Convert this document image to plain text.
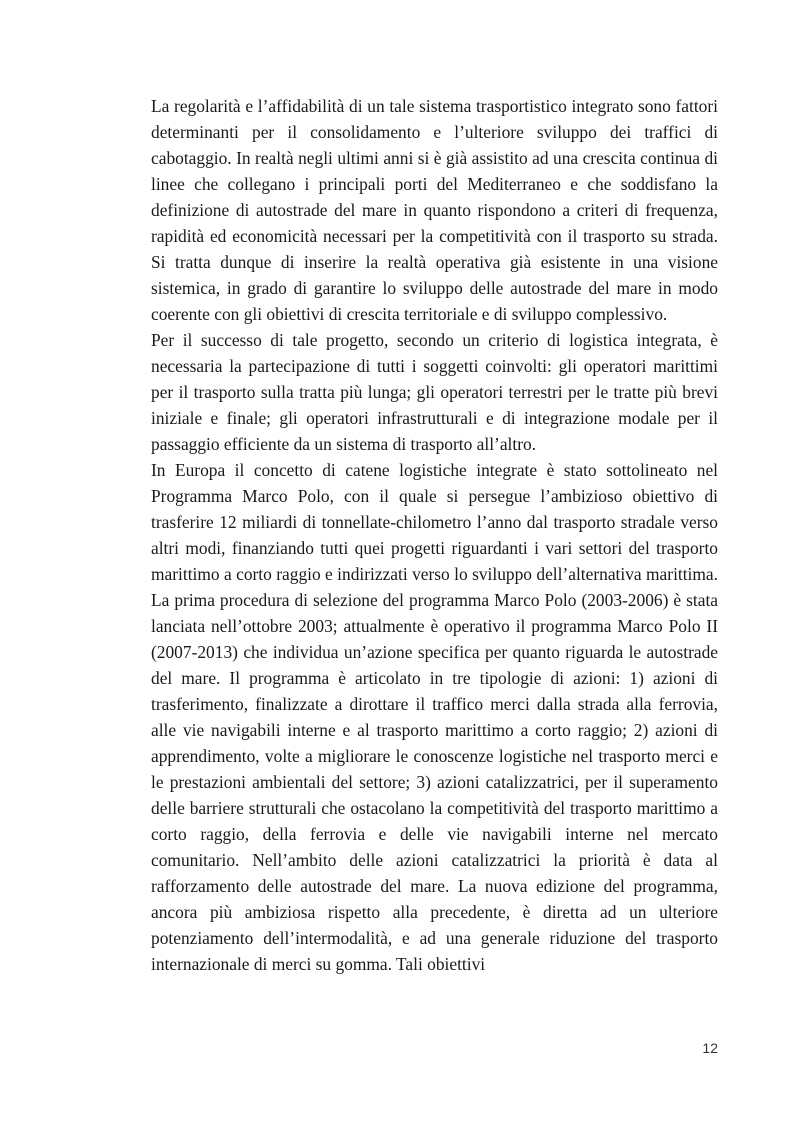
La regolarità e l’affidabilità di un tale sistema trasportistico integrato sono fattori determinanti per il consolidamento e l’ulteriore sviluppo dei traffici di cabotaggio. In realtà negli ultimi anni si è già assistito ad una crescita continua di linee che collegano i principali porti del Mediterraneo e che soddisfano la definizione di autostrade del mare in quanto rispondono a criteri di frequenza, rapidità ed economicità necessari per la competitività con il trasporto su strada. Si tratta dunque di inserire la realtà operativa già esistente in una visione sistemica, in grado di garantire lo sviluppo delle autostrade del mare in modo coerente con gli obiettivi di crescita territoriale e di sviluppo complessivo.

Per il successo di tale progetto, secondo un criterio di logistica integrata, è necessaria la partecipazione di tutti i soggetti coinvolti: gli operatori marittimi per il trasporto sulla tratta più lunga; gli operatori terrestri per le tratte più brevi iniziale e finale; gli operatori infrastrutturali e di integrazione modale per il passaggio efficiente da un sistema di trasporto all’altro.

In Europa il concetto di catene logistiche integrate è stato sottolineato nel Programma Marco Polo, con il quale si persegue l’ambizioso obiettivo di trasferire 12 miliardi di tonnellate-chilometro l’anno dal trasporto stradale verso altri modi, finanziando tutti quei progetti riguardanti i vari settori del trasporto marittimo a corto raggio e indirizzati verso lo sviluppo dell’alternativa marittima. La prima procedura di selezione del programma Marco Polo (2003-2006) è stata lanciata nell’ottobre 2003; attualmente è operativo il programma Marco Polo II (2007-2013) che individua un’azione specifica per quanto riguarda le autostrade del mare. Il programma è articolato in tre tipologie di azioni: 1) azioni di trasferimento, finalizzate a dirottare il traffico merci dalla strada alla ferrovia, alle vie navigabili interne e al trasporto marittimo a corto raggio; 2) azioni di apprendimento, volte a migliorare le conoscenze logistiche nel trasporto merci e le prestazioni ambientali del settore; 3) azioni catalizzatrici, per il superamento delle barriere strutturali che ostacolano la competitività del trasporto marittimo a corto raggio, della ferrovia e delle vie navigabili interne nel mercato comunitario. Nell’ambito delle azioni catalizzatrici la priorità è data al rafforzamento delle autostrade del mare. La nuova edizione del programma, ancora più ambiziosa rispetto alla precedente, è diretta ad un ulteriore potenziamento dell’intermodalità, e ad una generale riduzione del trasporto internazionale di merci su gomma. Tali obiettivi

12
